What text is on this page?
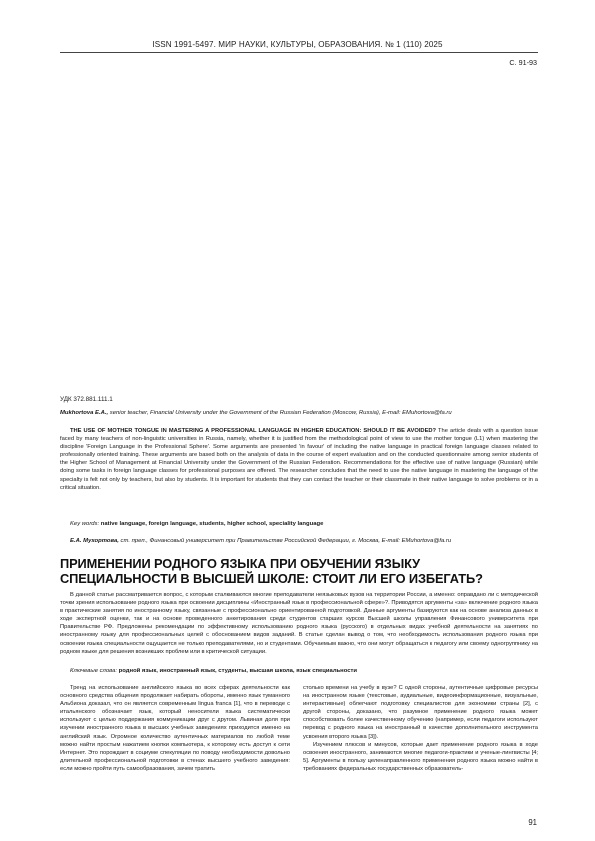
ISSN 1991-5497. МИР НАУКИ, КУЛЬТУРЫ, ОБРАЗОВАНИЯ. № 1 (110) 2025
С. 91-93
УДК 372.881.111.1
Mukhortova E.A., senior teacher, Financial University under the Government of the Russian Federation (Moscow, Russia), E-mail: EMuhortova@fa.ru
THE USE OF MOTHER TONGUE IN MASTERING A PROFESSIONAL LANGUAGE IN HIGHER EDUCATION: SHOULD IT BE AVOIDED? The article deals with a question issue faced by many teachers of non-linguistic universities in Russia, namely, whether it is justified from the methodological point of view to use the mother tongue (L1) when mastering the discipline 'Foreign Language in the Professional Sphere'. Some arguments are presented 'in favour' of including the native language in practical foreign language classes related to professionally oriented training. These arguments are based both on the analysis of data in the course of expert evaluation and on the conducted questionnaire among senior students of the Higher School of Management at Financial University under the Government of the Russian Federation. Recommendations for the effective use of native language (Russian) while doing some tasks in foreign language classes for professional purposes are offered. The researcher concludes that the need to use the native language in mastering the language of the specialty is felt not only by teachers, but also by students. It is important for students that they can contact the teacher or their classmate in their native language to solve problems or in a critical situation.
Key words: native language, foreign language, students, higher school, speciality language
Е.А. Мухортова, ст. преп., Финансовый университет при Правительстве Российской Федерации, г. Москва, E-mail: EMuhortova@fa.ru
ПРИМЕНЕНИИ РОДНОГО ЯЗЫКА ПРИ ОБУЧЕНИИ ЯЗЫКУ СПЕЦИАЛЬНОСТИ В ВЫСШЕЙ ШКОЛЕ: СТОИТ ЛИ ЕГО ИЗБЕГАТЬ?
В данной статье рассматривается вопрос, с которым сталкиваются многие преподаватели неязыковых вузов на территории России, а именно: оправдано ли с методической точки зрения использование родного языка при освоении дисциплины «Иностранный язык в профессиональной сфере»?. Приводятся аргументы «за» включение родного языка в практические занятия по иностранному языку, связанные с профессионально ориентированной подготовкой. Данные аргументы базируются как на основе анализа данных в ходе экспертной оценки, так и на основе проведенного анкетирования среди студентов старших курсов Высшей школы управления Финансового университета при Правительстве РФ. Предложены рекомендации по эффективному использованию родного языка (русского) в отдельных видах учебной деятельности на занятиях по иностранному языку для профессиональных целей с обоснованием видов заданий. В статье сделан вывод о том, что необходимость использования родного языка при освоении языка специальности ощущается не только преподавателями, но и студентами. Обучаемым важно, что они могут обращаться к педагогу или своему одногруппнику на родном языке для решения возникших проблем или в критической ситуации.
Ключевые слова: родной язык, иностранный язык, студенты, высшая школа, язык специальности
Тренд на использование английского языка во всех сферах деятельности как основного средства общения продолжает набирать обороты, именно язык туманного Альбиона доказал, что он является современным lingua franca [1], что в переводе с итальянского обозначает язык, который неносители языка систематически используют с целью поддержания коммуникации друг с другом. Львиная доля при изучении иностранного языка в высших учебных заведениях приходится именно на английский язык. Огромное количество аутентичных материалов по любой теме можно найти простым нажатием кнопки компьютера, к которому есть доступ к сети Интернет. Это порождает в социуме спекуляции по поводу необходимости довольно длительной профессиональной подготовки в стенах высшего учебного заведения: если можно пройти путь самообразования, зачем тратить
столько времени на учебу в вузе? С одной стороны, аутентичные цифровые ресурсы на иностранном языке (текстовые, аудиальные, видеоинформационные, визуальные, интерактивные) облегчают подготовку специалистов для экономики страны [2], с другой стороны, доказано, что разумное применение родного языка может способствовать более качественному обучению (например, если педагоги используют перевод с родного языка на иностранный в качестве дополнительного инструмента усвоения второго языка [3]).
Изучением плюсов и минусов, которые дает применение родного языка в ходе освоения иностранного, занимаются многие педагоги-практики и ученые-лингвисты [4; 5]. Аргументы в пользу целенаправленного применения родного языка можно найти в требованиях федеральных государственных образователь-
91
